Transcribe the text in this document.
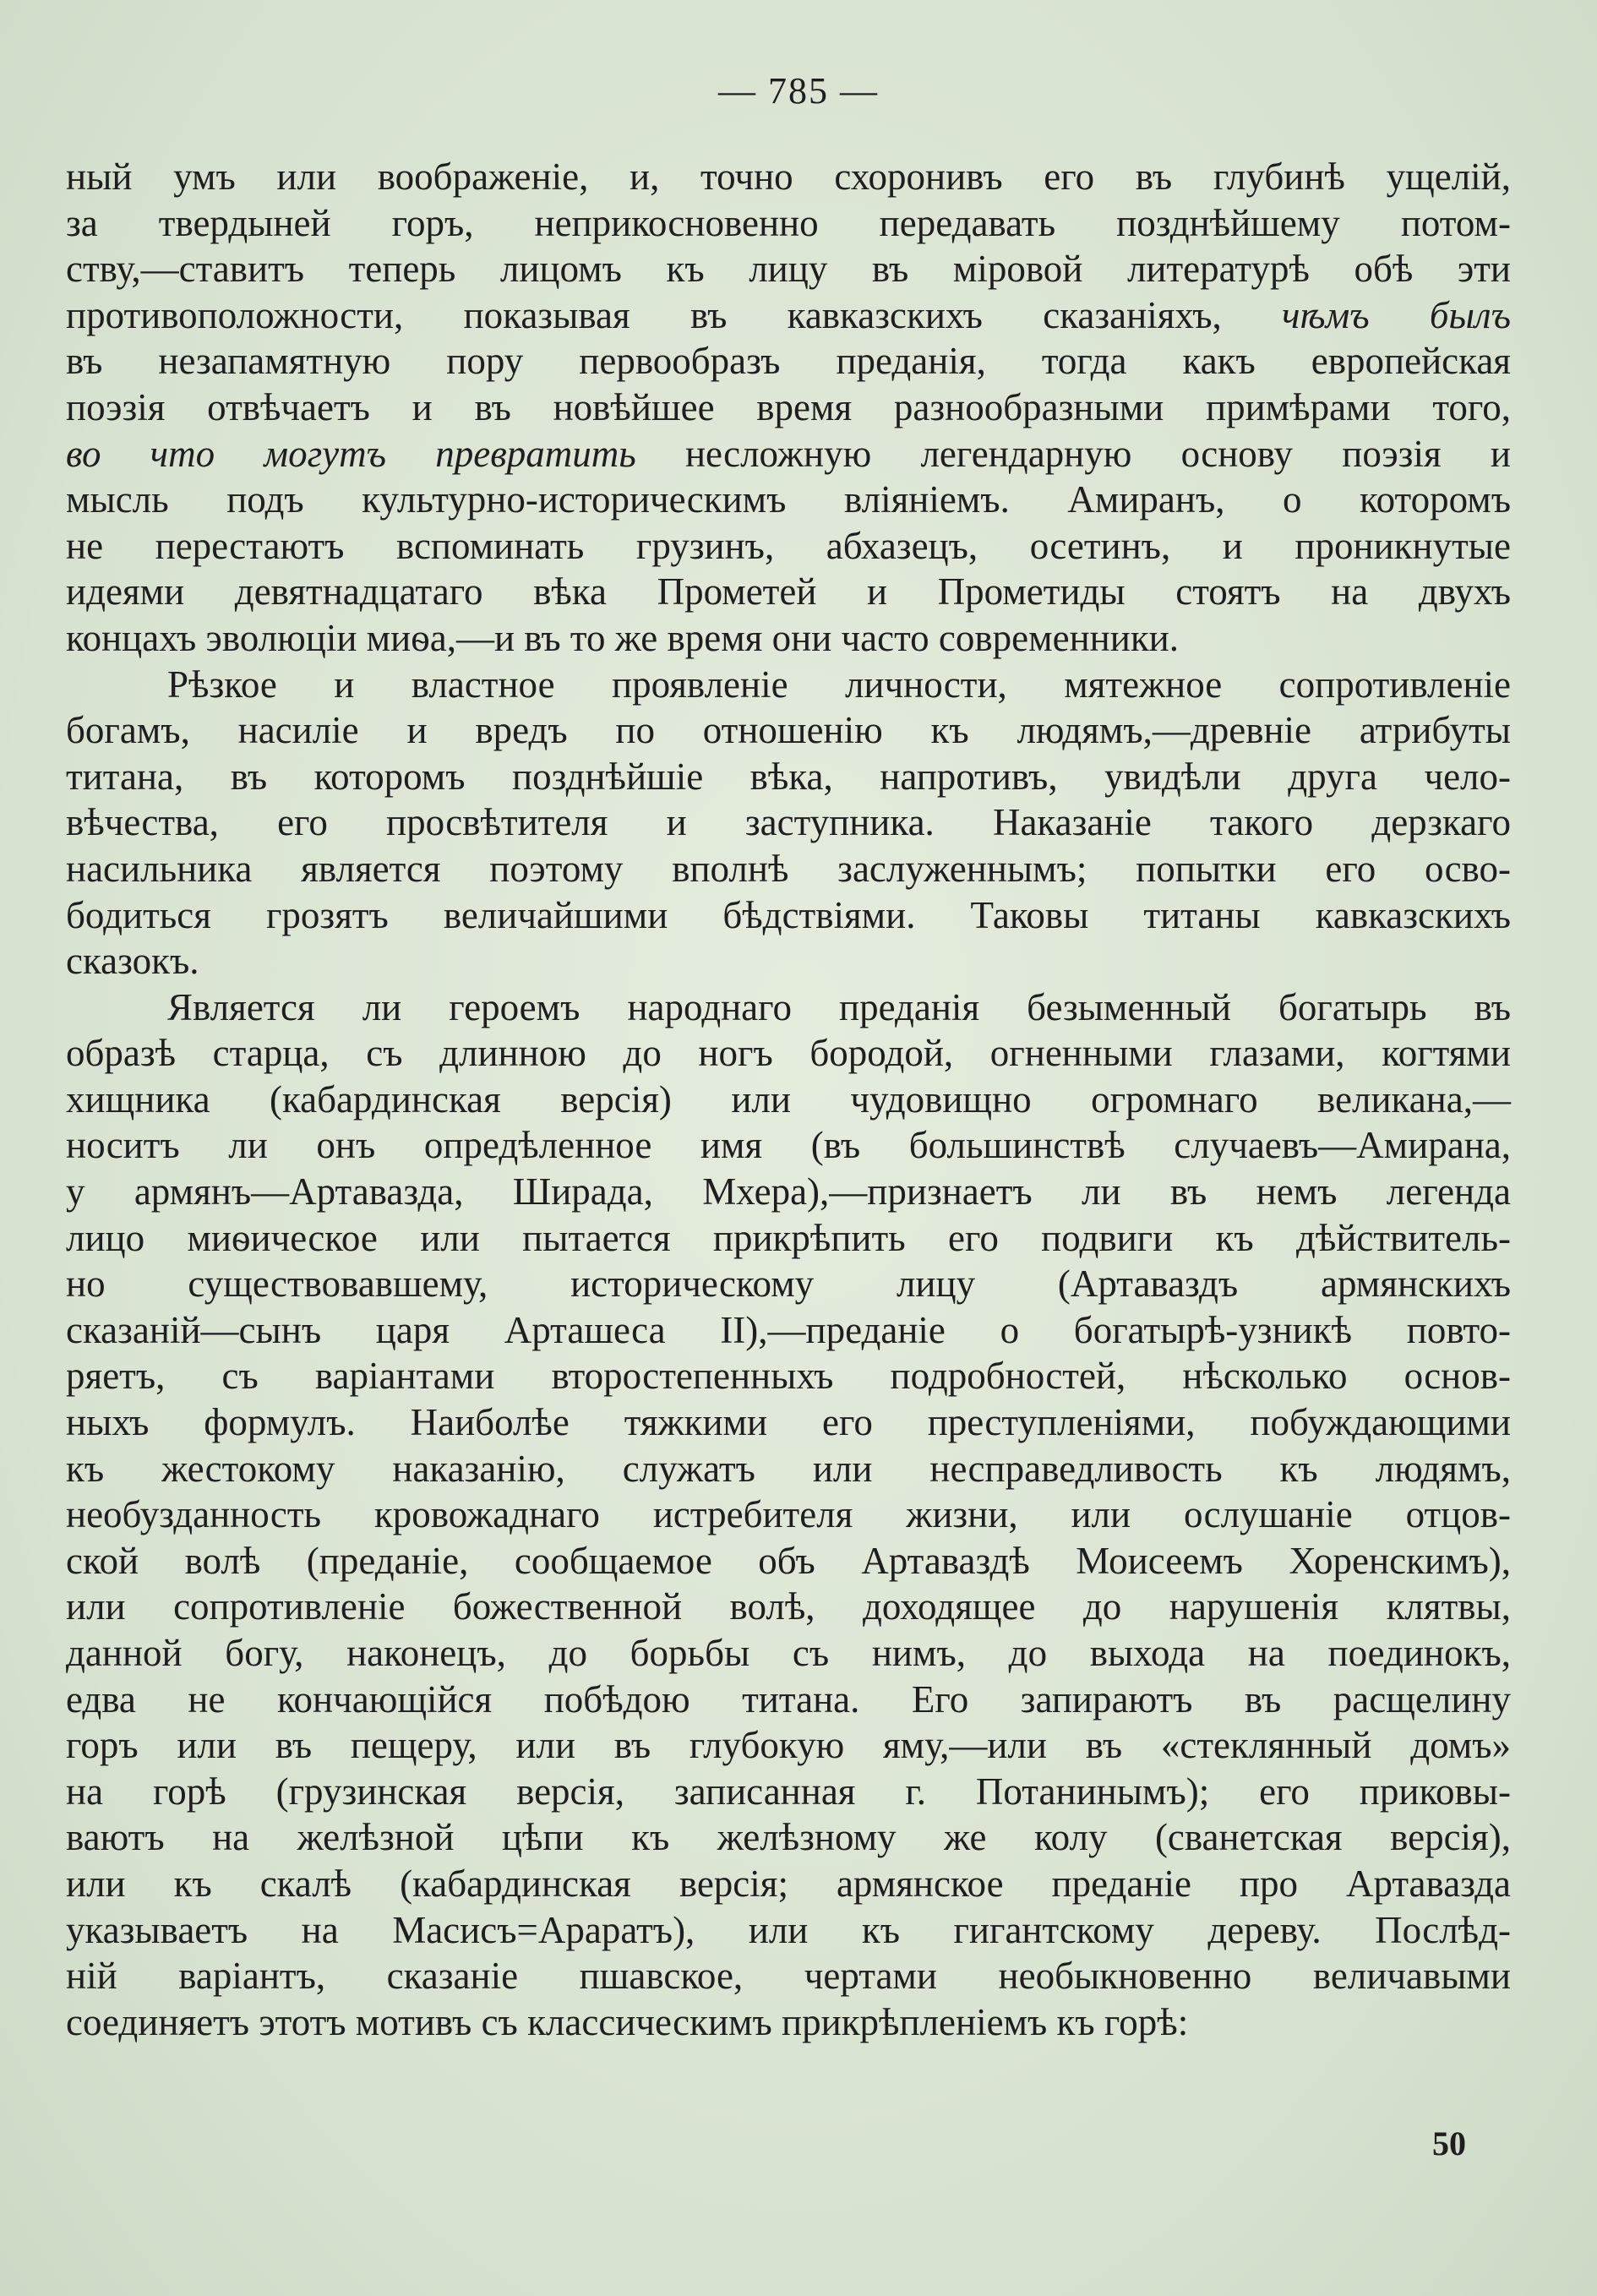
— 785 —
ный умъ или воображенiе, и, точно схоронивъ его въ глубинѣ ущелiй,
за твердыней горъ, неприкосновенно передавать позднѣйшему потом-
ству,—ставитъ теперь лицомъ къ лицу въ мiровой литературѣ обѣ эти
противоположности, показывая въ кавказскихъ сказанiяхъ, чѣмъ былъ
въ незапамятную пору первообразъ преданiя, тогда какъ европейская
поэзiя отвѣчаетъ и въ новѣйшее время разнообразными примѣрами того,
во что могутъ превратить несложную легендарную основу поэзiя и
мысль подъ культурно-историческимъ влiянiемъ. Амиранъ, о которомъ
не перестаютъ вспоминать грузинъ, абхазецъ, осетинъ, и проникнутые
идеями девятнадцатаго вѣка Прометей и Прометиды стоятъ на двухъ
концахъ эволюцiи миѳа,—и въ то же время они часто современники.
Рѣзкое и властное проявленiе личности, мятежное сопротивленiе
богамъ, насилiе и вредъ по отношенiю къ людямъ,—древнiе атрибуты
титана, въ которомъ позднѣйшiе вѣка, напротивъ, увидѣли друга чело-
вѣчества, его просвѣтителя и заступника. Наказанiе такого дерзкаго
насильника является поэтому вполнѣ заслуженнымъ; попытки его осво-
бодиться грозятъ величайшими бѣдствiями. Таковы титаны кавказскихъ
сказокъ.
Является ли героемъ народнаго преданiя безыменный богатырь въ
образѣ старца, съ длинною до ногъ бородой, огненными глазами, когтями
хищника (кабардинская версiя) или чудовищно огромнаго великана,—
носитъ ли онъ опредѣленное имя (въ большинствѣ случаевъ—Амирана,
у армянъ—Артавазда, Ширада, Мхера),—признаетъ ли въ немъ легенда
лицо миѳическое или пытается прикрѣпить его подвиги къ дѣйствитель-
но существовавшему, историческому лицу (Артаваздъ армянскихъ
сказанiй—сынъ царя Арташеса II),—преданiе о богатырѣ-узникѣ повто-
ряетъ, съ варiантами второстепенныхъ подробностей, нѣсколько основ-
ныхъ формулъ. Наиболѣе тяжкими его преступленiями, побуждающими
къ жестокому наказанiю, служатъ или несправедливость къ людямъ,
необузданность кровожаднаго истребителя жизни, или ослушанiе отцов-
ской волѣ (преданiе, сообщаемое объ Артаваздѣ Моисеемъ Хоренскимъ),
или сопротивленiе божественной волѣ, доходящее до нарушенiя клятвы,
данной богу, наконецъ, до борьбы съ нимъ, до выхода на поединокъ,
едва не кончающiйся побѣдою титана. Его запираютъ въ расщелину
горъ или въ пещеру, или въ глубокую яму,—или въ «стеклянный домъ»
на горѣ (грузинская версiя, записанная г. Потанинымъ); его приковы-
ваютъ на желѣзной цѣпи къ желѣзному же колу (сванетская версiя),
или къ скалѣ (кабардинская версiя; армянское преданiе про Артавазда
указываетъ на Масисъ=Араратъ), или къ гигантскому дереву. Послѣд-
нiй варiантъ, сказанiе пшавское, чертами необыкновенно величавыми
соединяетъ этотъ мотивъ съ классическимъ прикрѣпленiемъ къ горѣ:
50
